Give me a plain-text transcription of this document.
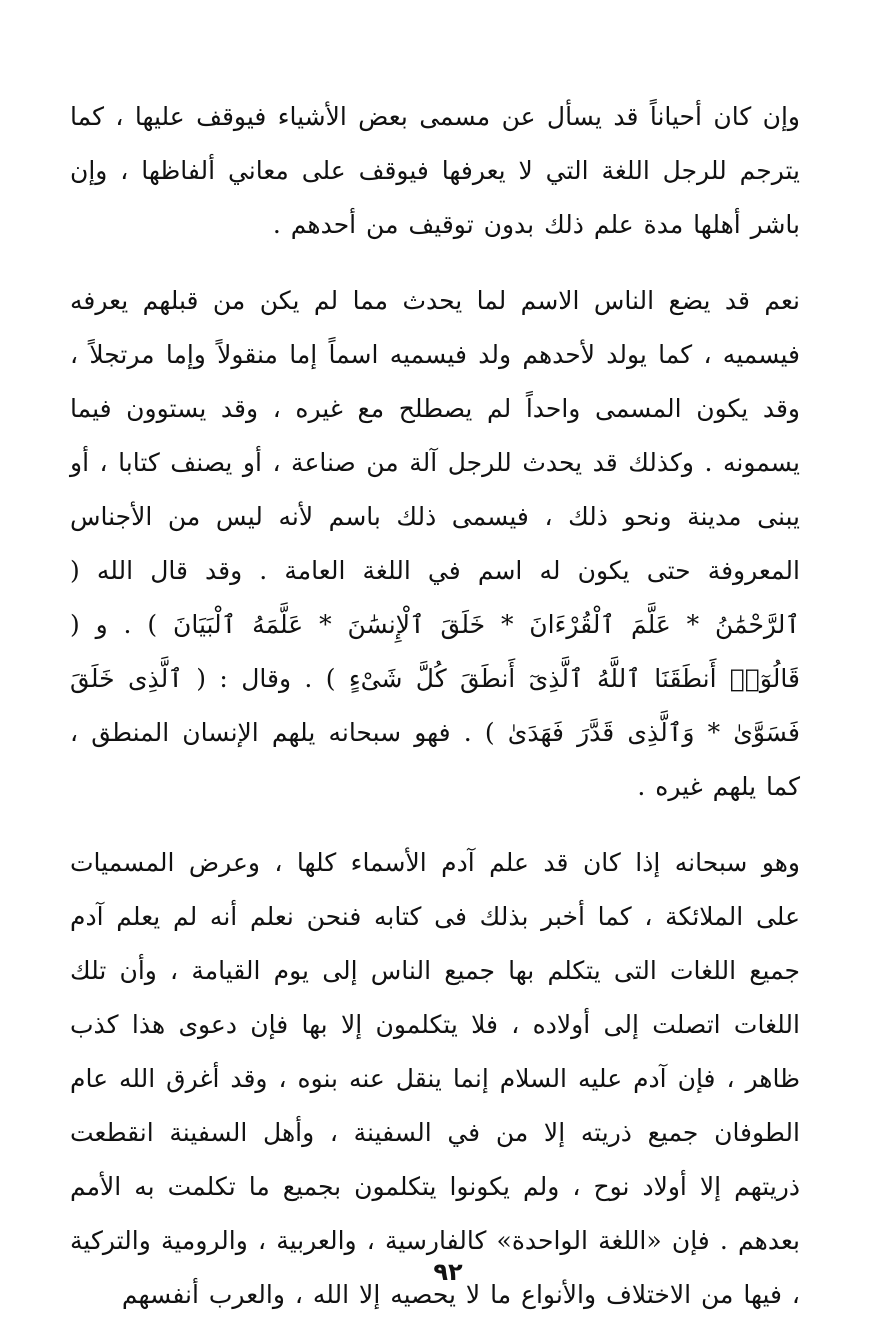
وإن كان أحياناً قد يسأل عن مسمى بعض الأشياء فيوقف عليها ، كما يترجم للرجل اللغة التي لا يعرفها فيوقف على معاني ألفاظها ، وإن باشر أهلها مدة علم ذلك بدون توقيف من أحدهم .

نعم قد يضع الناس الاسم لما يحدث مما لم يكن من قبلهم يعرفه فيسميه ، كما يولد لأحدهم ولد فيسميه اسماً إما منقولاً وإما مرتجلاً ، وقد يكون المسمى واحداً لم يصطلح مع غيره ، وقد يستوون فيما يسمونه . وكذلك قد يحدث للرجل آلة من صناعة ، أو يصنف كتابا ، أو يبنى مدينة ونحو ذلك ، فيسمى ذلك باسم لأنه ليس من الأجناس المعروفة حتى يكون له اسم في اللغة العامة . وقد قال الله ( ٱلرَّحْمَٰنُ * عَلَّمَ ٱلْقُرْءَانَ * خَلَقَ ٱلْإِنسَٰنَ * عَلَّمَهُ ٱلْبَيَانَ ) . و ( قَالُوٓا۟ أَنطَقَنَا ٱللَّهُ ٱلَّذِىٓ أَنطَقَ كُلَّ شَىْءٍ ) . وقال : ( ٱلَّذِى خَلَقَ فَسَوَّىٰ * وَٱلَّذِى قَدَّرَ فَهَدَىٰ ) . فهو سبحانه يلهم الإنسان المنطق ، كما يلهم غيره .

وهو سبحانه إذا كان قد علم آدم الأسماء كلها ، وعرض المسميات على الملائكة ، كما أخبر بذلك فى كتابه فنحن نعلم أنه لم يعلم آدم جميع اللغات التى يتكلم بها جميع الناس إلى يوم القيامة ، وأن تلك اللغات اتصلت إلى أولاده ، فلا يتكلمون إلا بها فإن دعوى هذا كذب ظاهر ، فإن آدم عليه السلام إنما ينقل عنه بنوه ، وقد أغرق الله عام الطوفان جميع ذريته إلا من في السفينة ، وأهل السفينة انقطعت ذريتهم إلا أولاد نوح ، ولم يكونوا يتكلمون بجميع ما تكلمت به الأمم بعدهم . فإن «اللغة الواحدة» كالفارسية ، والعربية ، والرومية والتركية ، فيها من الاختلاف والأنواع ما لا يحصيه إلا الله ، والعرب أنفسهم

٩٢
